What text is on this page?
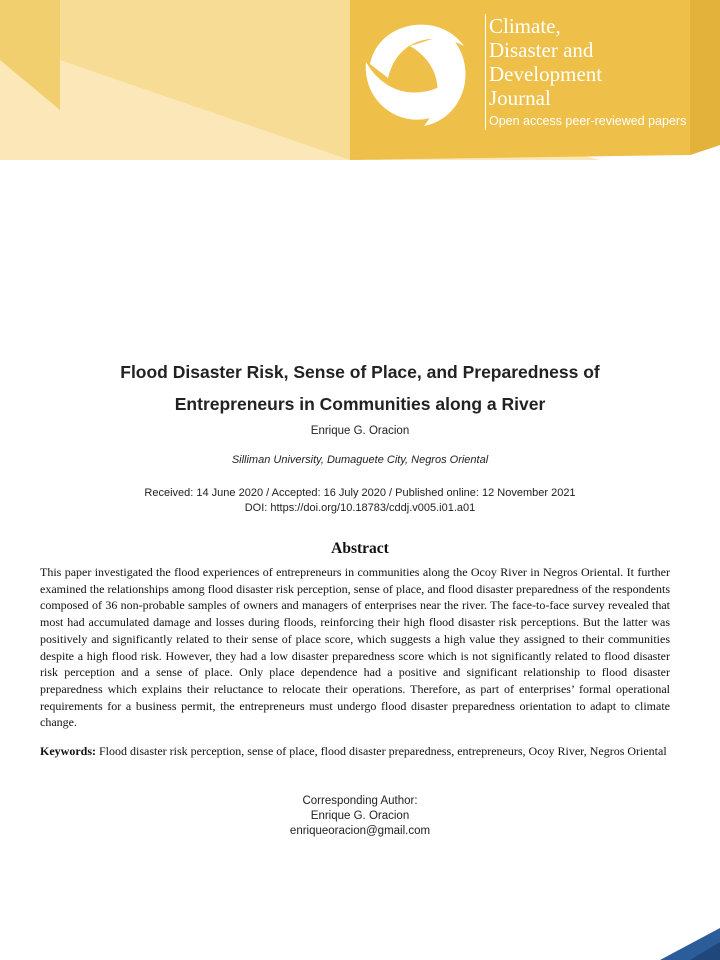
Climate,
Disaster and
Development
Journal
Open access peer-reviewed papers
Flood Disaster Risk, Sense of Place, and Preparedness of
Entrepreneurs in Communities along a River
Enrique G. Oracion
Silliman University, Dumaguete City, Negros Oriental
Received: 14 June 2020 / Accepted: 16 July 2020 / Published online: 12 November 2021
DOI: https://doi.org/10.18783/cddj.v005.i01.a01
Abstract
This paper investigated the flood experiences of entrepreneurs in communities along the Ocoy River in Negros Oriental. It further examined the relationships among flood disaster risk perception, sense of place, and flood disaster preparedness of the respondents composed of 36 non-probable samples of owners and managers of enterprises near the river. The face-to-face survey revealed that most had accumulated damage and losses during floods, reinforcing their high flood disaster risk perceptions. But the latter was positively and significantly related to their sense of place score, which suggests a high value they assigned to their communities despite a high flood risk. However, they had a low disaster preparedness score which is not significantly related to flood disaster risk perception and a sense of place. Only place dependence had a positive and significant relationship to flood disaster preparedness which explains their reluctance to relocate their operations. Therefore, as part of enterprises’ formal operational requirements for a business permit, the entrepreneurs must undergo flood disaster preparedness orientation to adapt to climate change.
Keywords: Flood disaster risk perception, sense of place, flood disaster preparedness, entrepreneurs, Ocoy River, Negros Oriental
Corresponding Author:
Enrique G. Oracion
enriqueoracion@gmail.com
